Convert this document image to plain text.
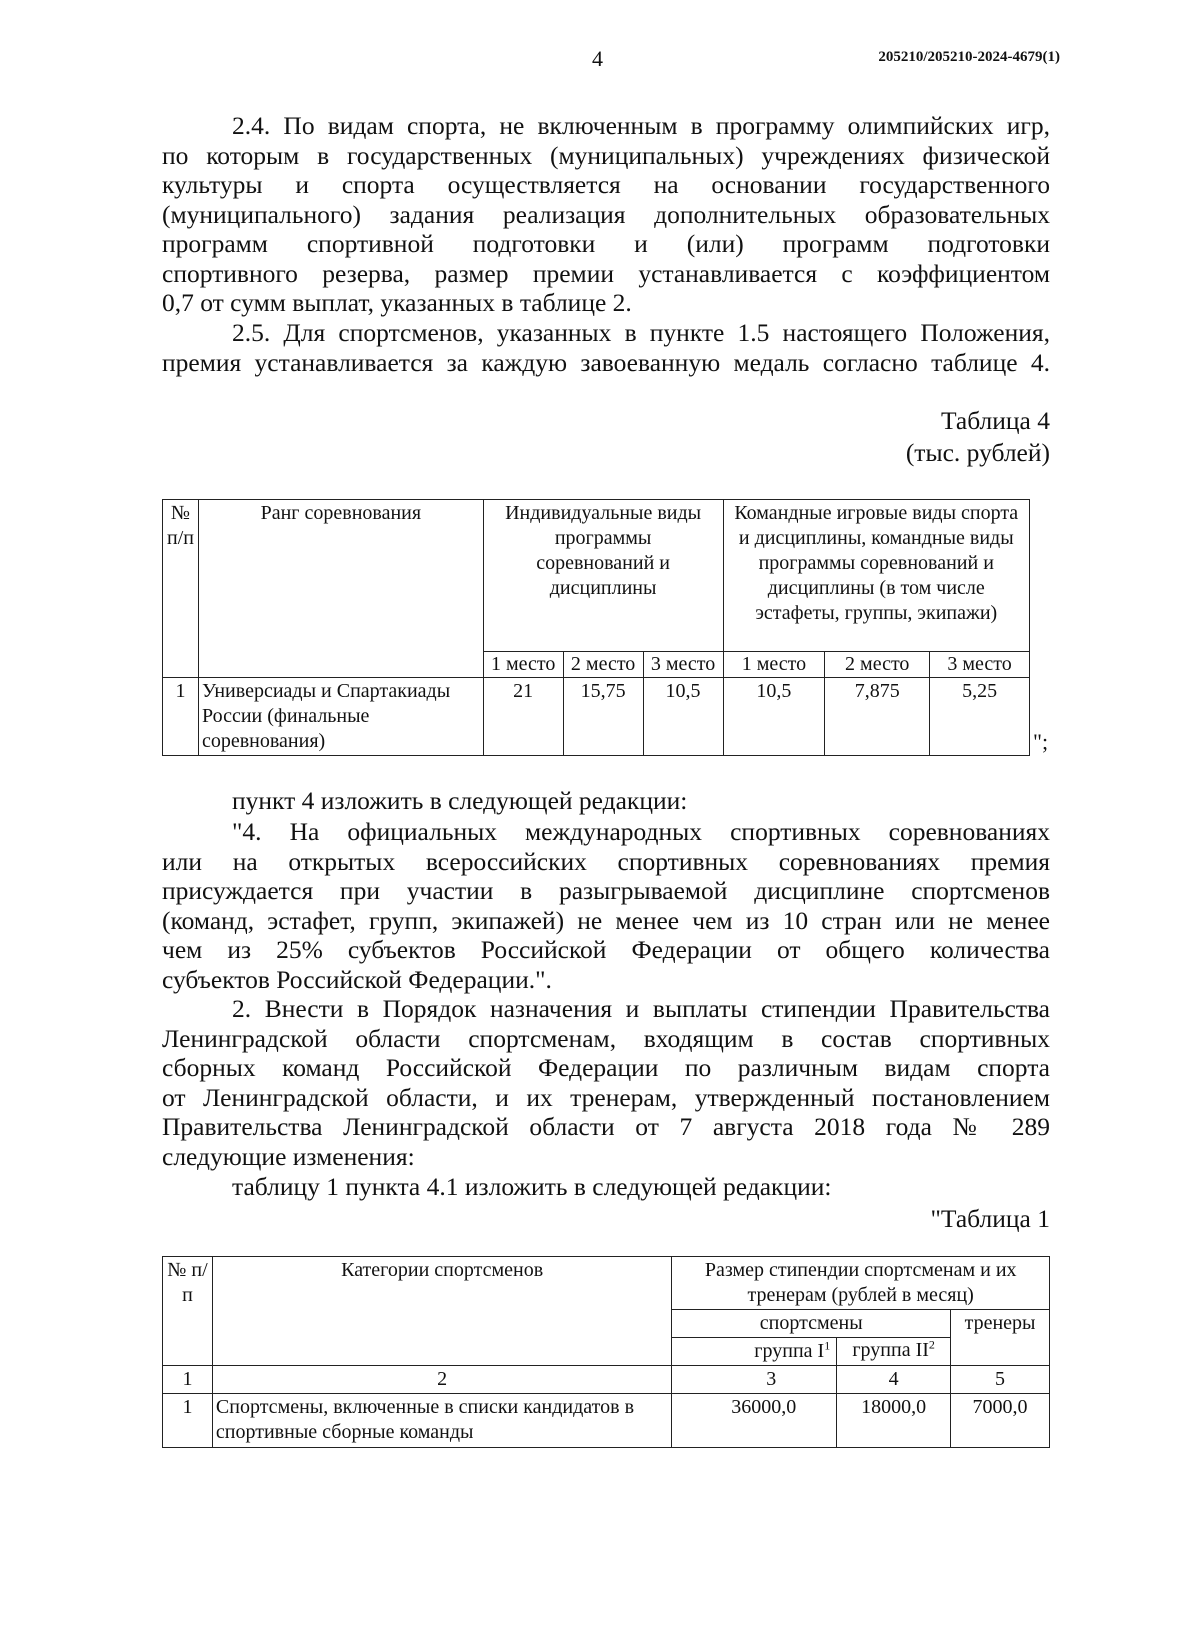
4	205210/205210-2024-4679(1)
2.4. По видам спорта, не включенным в программу олимпийских игр,
по которым в государственных (муниципальных) учреждениях физической
культуры и спорта осуществляется на основании государственного
(муниципального) задания реализация дополнительных образовательных
программ спортивной подготовки и (или) программ подготовки
спортивного резерва, размер премии устанавливается с коэффициентом
0,7 от сумм выплат, указанных в таблице 2.
2.5. Для спортсменов, указанных в пункте 1.5 настоящего Положения,
премия устанавливается за каждую завоеванную медаль согласно таблице 4.
Таблица 4
(тыс. рублей)
№ п/п	Ранг соревнования	Индивидуальные виды программы соревнований и дисциплины			Командные игровые виды спорта и дисциплины, командные виды программы соревнований и дисциплины (в том числе эстафеты, группы, экипажи)		
		1 место	2 место	3 место	1 место	2 место	3 место
1	Универсиады и Спартакиады России (финальные соревнования)	21	15,75	10,5	10,5	7,875	5,25
";
пункт 4 изложить в следующей редакции:
"4. На официальных международных спортивных соревнованиях
или на открытых всероссийских спортивных соревнованиях премия
присуждается при участии в разыгрываемой дисциплине спортсменов
(команд, эстафет, групп, экипажей) не менее чем из 10 стран или не менее
чем из 25% субъектов Российской Федерации от общего количества
субъектов Российской Федерации.".
2. Внести в Порядок назначения и выплаты стипендии Правительства
Ленинградской области спортсменам, входящим в состав спортивных
сборных команд Российской Федерации по различным видам спорта
от Ленинградской области, и их тренерам, утвержденный постановлением
Правительства Ленинградской области от 7 августа 2018 года № 289
следующие изменения:
таблицу 1 пункта 4.1 изложить в следующей редакции:
"Таблица 1
№ п/п	Категории спортсменов	Размер стипендии спортсменам и их тренерам (рублей в месяц)		
		спортсмены		тренеры
		группа $I^1$	группа $II^2$
1	2	3	4	5
1	Спортсмены, включенные в списки кандидатов в спортивные сборные команды	36000,0	18000,0	7000,0
